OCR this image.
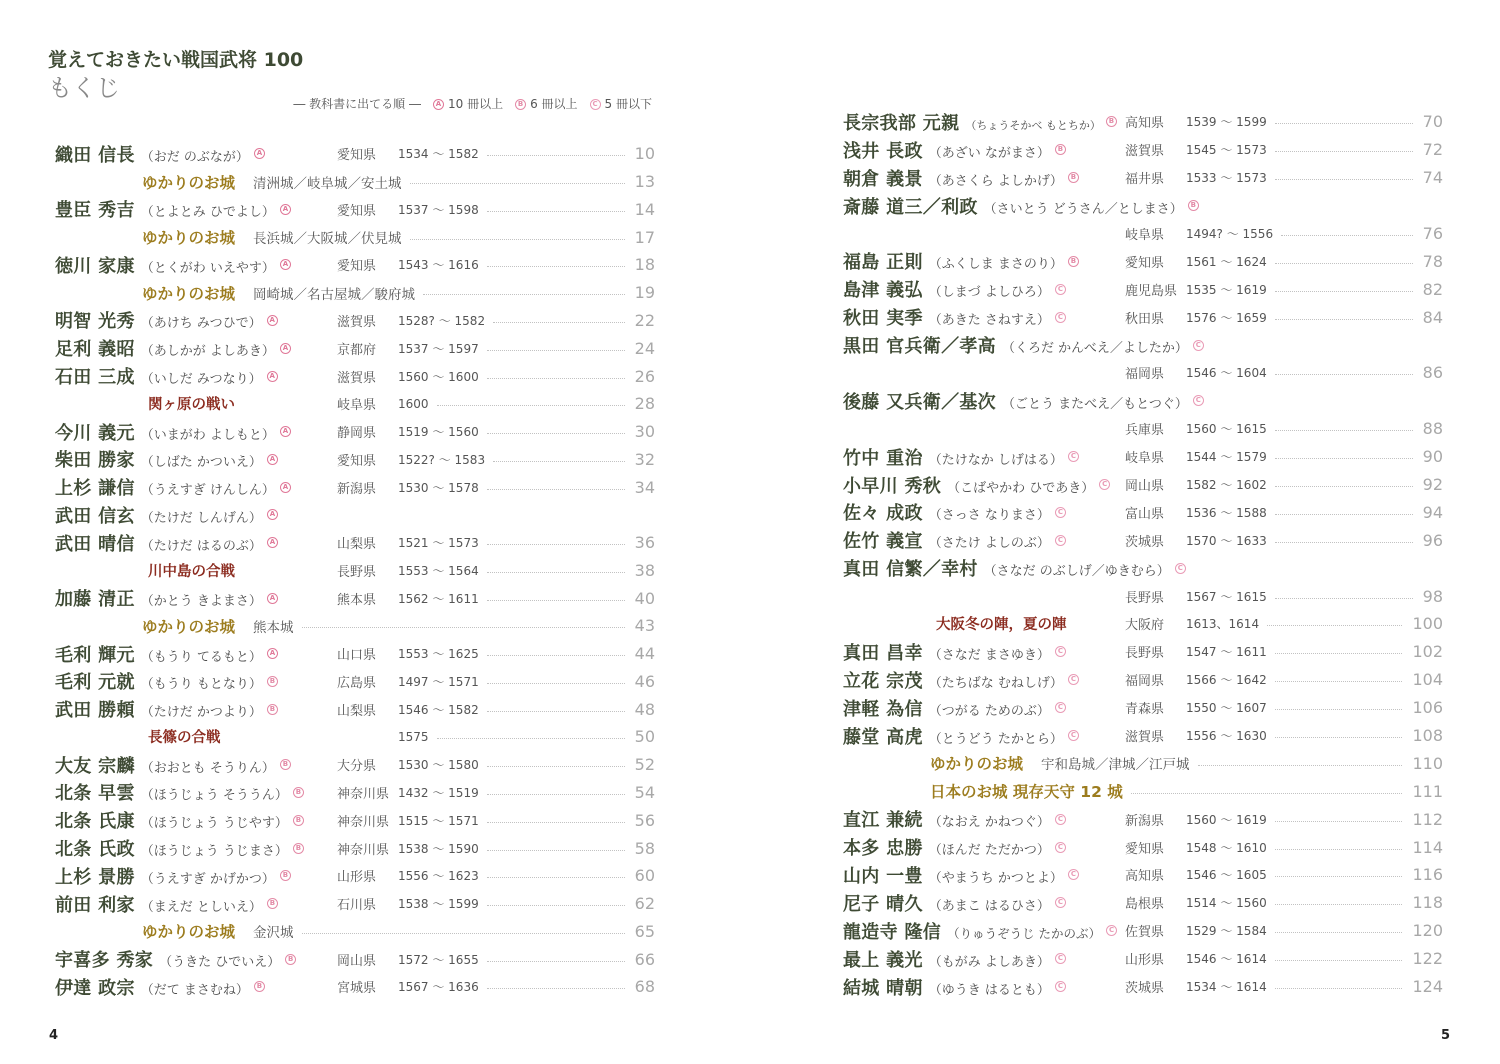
覚えておきたい戦国武将 100
もくじ
― 教科書に出てる順 ―	A 10 冊以上	B 6 冊以上	C 5 冊以下
織田 信長 （おだ のぶなが）	A	愛知県	1534 ～ 1582	10
ゆかりのお城 清洲城／岐阜城／安土城	13
豊臣 秀吉 （とよとみ ひでよし）	A	愛知県	1537 ～ 1598	14
ゆかりのお城 長浜城／大阪城／伏見城	17
徳川 家康 （とくがわ いえやす）	A	愛知県	1543 ～ 1616	18
ゆかりのお城 岡崎城／名古屋城／駿府城	19
明智 光秀 （あけち みつひで）	A	滋賀県	1528? ～ 1582	22
足利 義昭 （あしかが よしあき）	A	京都府	1537 ～ 1597	24
石田 三成 （いしだ みつなり）	A	滋賀県	1560 ～ 1600	26
関ヶ原の戦い	岐阜県	1600	28
今川 義元 （いまがわ よしもと）	A	静岡県	1519 ～ 1560	30
柴田 勝家 （しばた かついえ）	A	愛知県	1522? ～ 1583	32
上杉 謙信 （うえすぎ けんしん）	A	新潟県	1530 ～ 1578	34
武田 信玄 （たけだ しんげん）	A
武田 晴信 （たけだ はるのぶ）	A	山梨県	1521 ～ 1573	36
川中島の合戦	長野県	1553 ～ 1564	38
加藤 清正 （かとう きよまさ）	A	熊本県	1562 ～ 1611	40
ゆかりのお城 熊本城	43
毛利 輝元 （もうり てるもと）	A	山口県	1553 ～ 1625	44
毛利 元就 （もうり もとなり）	B	広島県	1497 ～ 1571	46
武田 勝頼 （たけだ かつより）	B	山梨県	1546 ～ 1582	48
長篠の合戦	1575	50
大友 宗麟 （おおとも そうりん）	B	大分県	1530 ～ 1580	52
北条 早雲 （ほうじょう そううん）	B	神奈川県 1432 ～ 1519	54
北条 氏康 （ほうじょう うじやす）	B	神奈川県 1515 ～ 1571	56
北条 氏政 （ほうじょう うじまさ）	B	神奈川県 1538 ～ 1590	58
上杉 景勝 （うえすぎ かげかつ）	B	山形県	1556 ～ 1623	60
前田 利家 （まえだ としいえ）	B	石川県	1538 ～ 1599	62
ゆかりのお城 金沢城	65
宇喜多 秀家 （うきた ひでいえ）	B	岡山県	1572 ～ 1655	66
伊達 政宗 （だて まさむね）	B	宮城県	1567 ～ 1636	68
長宗我部 元親 （ちょうそかべ もとちか）	B 高知県	1539 ～ 1599	70
浅井 長政 （あざい ながまさ）	B	滋賀県	1545 ～ 1573	72
朝倉 義景 （あさくら よしかげ）	B	福井県	1533 ～ 1573	74
斎藤 道三／利政 （さいとう どうさん／としまさ）	B
岐阜県	1494? ～ 1556	76
福島 正則 （ふくしま まさのり）	B	愛知県	1561 ～ 1624	78
島津 義弘 （しまづ よしひろ）	C	鹿児島県 1535 ～ 1619	82
秋田 実季 （あきた さねすえ）	C	秋田県	1576 ～ 1659	84
黒田 官兵衛／孝高 （くろだ かんべえ／よしたか）	C
福岡県	1546 ～ 1604	86
後藤 又兵衛／基次 （ごとう またべえ／もとつぐ）	C
兵庫県	1560 ～ 1615	88
竹中 重治 （たけなか しげはる）	C	岐阜県	1544 ～ 1579	90
小早川 秀秋 （こばやかわ ひであき）	C 岡山県	1582 ～ 1602	92
佐々 成政 （さっさ なりまさ）	C	富山県	1536 ～ 1588	94
佐竹 義宣 （さたけ よしのぶ）	C	茨城県	1570 ～ 1633	96
真田 信繁／幸村 （さなだ のぶしげ／ゆきむら）	C
長野県	1567 ～ 1615	98
大阪冬の陣，夏の陣	大阪府	1613、1614	100
真田 昌幸 （さなだ まさゆき）	C	長野県	1547 ～ 1611	102
立花 宗茂 （たちばな むねしげ）	C	福岡県	1566 ～ 1642	104
津軽 為信 （つがる ためのぶ）	C	青森県	1550 ～ 1607	106
藤堂 高虎 （とうどう たかとら）	C	滋賀県	1556 ～ 1630	108
ゆかりのお城 宇和島城／津城／江戸城	110
日本のお城 現存天守 12 城	111
直江 兼続 （なおえ かねつぐ）	C	新潟県	1560 ～ 1619	112
本多 忠勝 （ほんだ ただかつ）	C	愛知県	1548 ～ 1610	114
山内 一豊 （やまうち かつとよ）	C	高知県	1546 ～ 1605	116
尼子 晴久 （あまこ はるひさ）	C	島根県	1514 ～ 1560	118
龍造寺 隆信 （りゅうぞうじ たかのぶ）	C 佐賀県	1529 ～ 1584	120
最上 義光 （もがみ よしあき）	C	山形県	1546 ～ 1614	122
結城 晴朝 （ゆうき はるとも）	C	茨城県	1534 ～ 1614	124
4	5
